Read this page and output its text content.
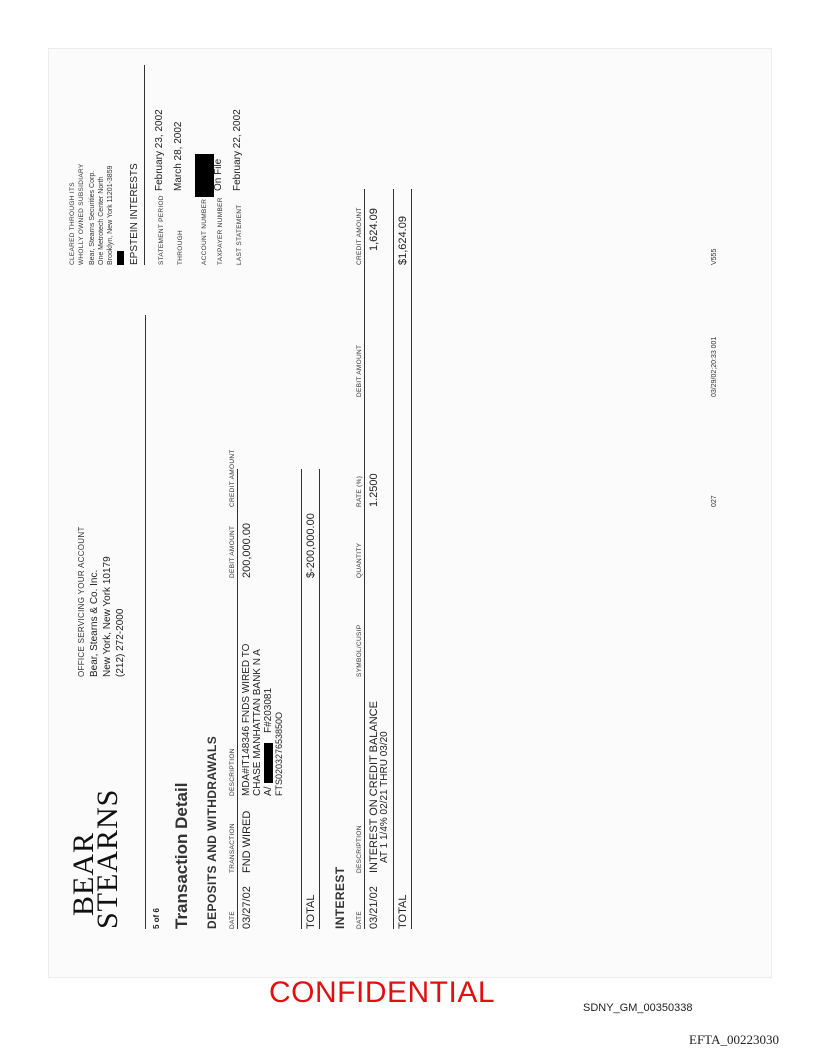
BEAR
STEARNS
OFFICE SERVICING YOUR ACCOUNT Bear, Stearns & Co. Inc. New York, New York 10179 (212) 272-2000
CLEARED THROUGH ITS WHOLLY OWNED SUBSIDIARY Bear, Stearns Securities Corp. One Metrotech Center North Brooklyn, New York 11201-3859 EPSTEIN INTERESTS	STATEMENT PERIOD
February 23, 2002
THROUGH
March 28, 2002
ACCOUNT NUMBER TAXPAYER NUMBER
On File
LAST STATEMENT
February 22, 2002
5 of 6 Transaction Detail DEPOSITS AND WITHDRAWALS DATE
TRANSACTION
DESCRIPTION
DEBIT AMOUNT
CREDIT AMOUNT
03/27/02
FND WIRED
MDA#IT148346 FNDS WIRED TO CHASE MANHATTAN BANK N A A/
F#203081
FTS020327653850O
200,000.00
TOTAL
$-200,000.00
INTEREST DATE
DESCRIPTION
SYMBOL/CUSIP
QUANTITY
RATE (%)
DEBIT AMOUNT
CREDIT AMOUNT
03/21/02
INTEREST ON CREDIT BALANCE AT 1 1/4% 02/21 THRU 03/20
1.2500
1,624.09
TOTAL
$1,624.09
027
03/29/02;20:33 001
V555
CONFIDENTIAL	SDNY_GM_00350338
EFTA_00223030
